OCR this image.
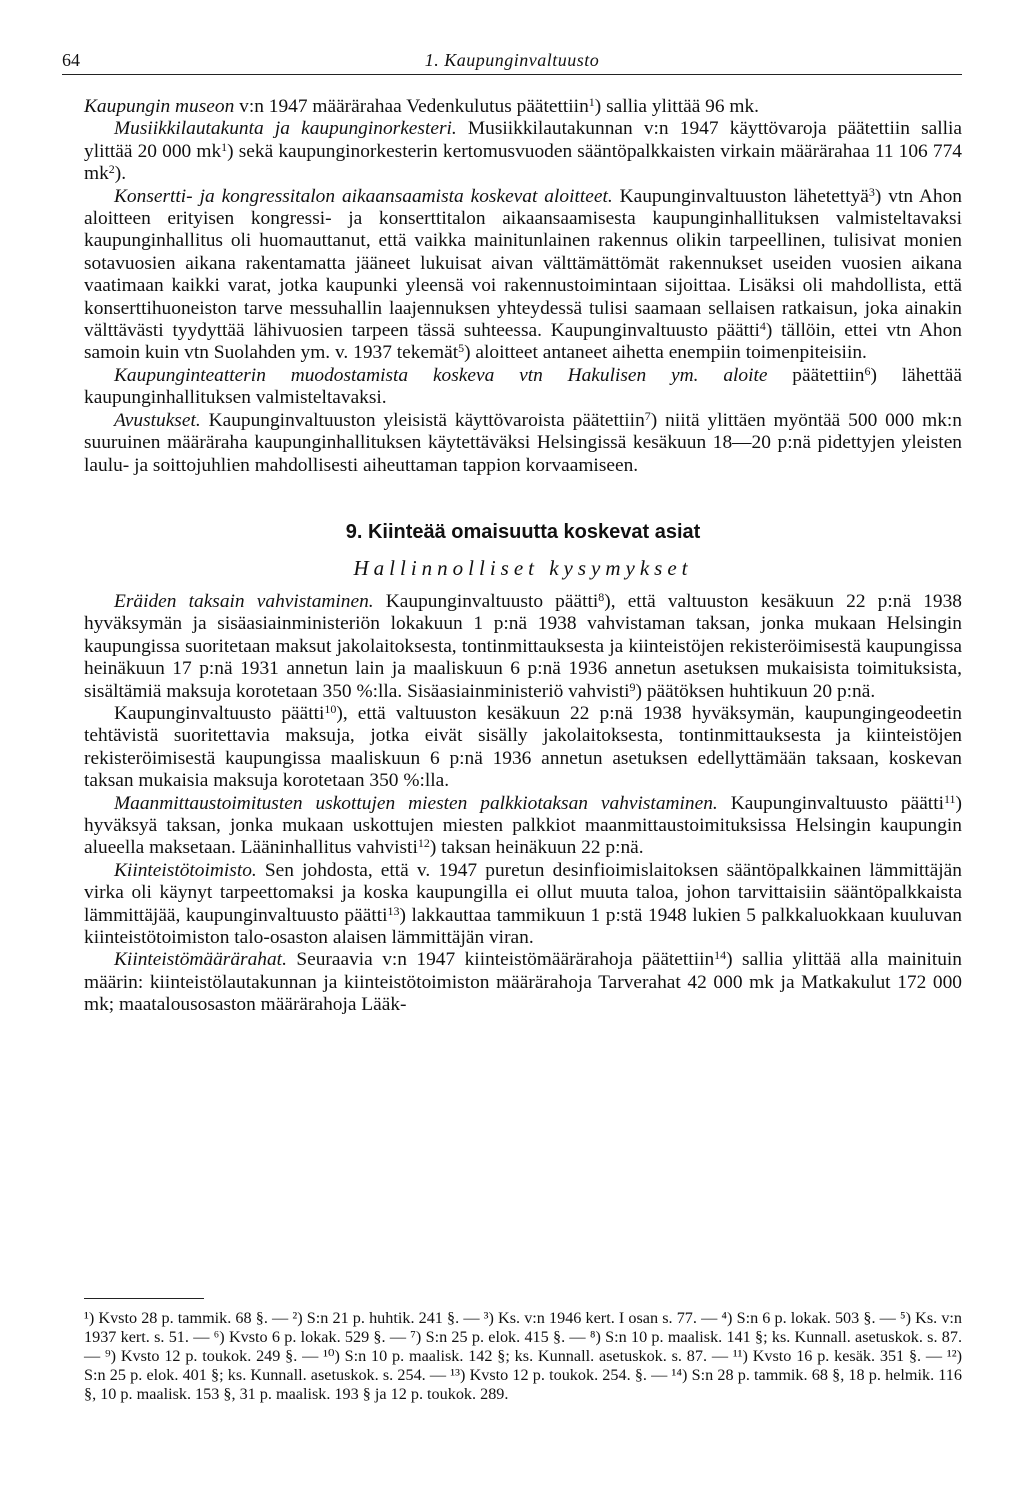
64	1. Kaupunginvaltuusto

Kaupungin museon v:n 1947 määrärahaa Vedenkulutus päätettiin$^1$) sallia ylittää 96 mk.

Musiikkilautakunta ja kaupunginorkesteri. Musiikkilautakunnan v:n 1947 käyttövaroja päätettiin sallia ylittää 20 000 $mk^1$) sekä kaupunginorkesterin kertomusvuoden sääntöpalkkaisten virkain määrärahaa 11 106 774 $mk^2$).

Konsertti- ja kongressitalon aikaansaamista koskevat aloitteet. Kaupunginvaltuuston lähetettyä$^3$) vtn Ahon aloitteen erityisen kongressi- ja konserttitalon aikaansaamisesta kaupunginhallituksen valmisteltavaksi kaupunginhallitus oli huomauttanut, että vaikka mainitunlainen rakennus olikin tarpeellinen, tulisivat monien sotavuosien aikana rakentamatta jääneet lukuisat aivan välttämättömät rakennukset useiden vuosien aikana vaatimaan kaikki varat, jotka kaupunki yleensä voi rakennustoimintaan sijoittaa. Lisäksi oli mahdollista, että konserttihuoneiston tarve messuhallin laajennuksen yhteydessä tulisi saamaan sellaisen ratkaisun, joka ainakin välttävästi tyydyttää lähivuosien tarpeen tässä suhteessa. Kaupunginvaltuusto päätti$^4$) tällöin, ettei vtn Ahon samoin kuin vtn Suolahden ym. v. 1937 tekemät$^5$) aloitteet antaneet aihetta enempiin toimenpiteisiin.

Kaupunginteatterin muodostamista koskeva vtn Hakulisen ym. aloite päätettiin$^6$) lähettää kaupunginhallituksen valmisteltavaksi.

Avustukset. Kaupunginvaltuuston yleisistä käyttövaroista päätettiin$^7$) niitä ylittäen myöntää 500 000 mk:n suuruinen määräraha kaupunginhallituksen käytettäväksi Helsingissä kesäkuun 18—20 p:nä pidettyjen yleisten laulu- ja soittojuhlien mahdollisesti aiheuttaman tappion korvaamiseen.

9. Kiinteää omaisuutta koskevat asiat
Hallinnolliset kysymykset

Eräiden taksain vahvistaminen. Kaupunginvaltuusto päätti$^8$), että valtuuston kesäkuun 22 p:nä 1938 hyväksymän ja sisäasiainministeriön lokakuun 1 p:nä 1938 vahvistaman taksan, jonka mukaan Helsingin kaupungissa suoritetaan maksut jakolaitoksesta, tontinmittauksesta ja kiinteistöjen rekisteröimisestä kaupungissa heinäkuun 17 p:nä 1931 annetun lain ja maaliskuun 6 p:nä 1936 annetun asetuksen mukaisista toimituksista, sisältämiä maksuja korotetaan 350 %:lla. Sisäasiainministeriö vahvisti$^9$) päätöksen huhtikuun 20 p:nä.

Kaupunginvaltuusto päätti$^{10}$), että valtuuston kesäkuun 22 p:nä 1938 hyväksymän, kaupungingeodeetin tehtävistä suoritettavia maksuja, jotka eivät sisälly jakolaitoksesta, tontinmittauksesta ja kiinteistöjen rekisteröimisestä kaupungissa maaliskuun 6 p:nä 1936 annetun asetuksen edellyttämään taksaan, koskevan taksan mukaisia maksuja korotetaan 350 %:lla.

Maanmittaustoimitusten uskottujen miesten palkkiotaksan vahvistaminen. Kaupunginvaltuusto päätti$^{11}$) hyväksyä taksan, jonka mukaan uskottujen miesten palkkiot maanmittaustoimituksissa Helsingin kaupungin alueella maksetaan. Lääninhallitus vahvisti$^{12}$) taksan heinäkuun 22 p:nä.

Kiinteistötoimisto. Sen johdosta, että v. 1947 puretun desinfioimislaitoksen sääntöpalkkainen lämmittäjän virka oli käynyt tarpeettomaksi ja koska kaupungilla ei ollut muuta taloa, johon tarvittaisiin sääntöpalkkaista lämmittäjää, kaupunginvaltuusto päätti$^{13}$) lakkauttaa tammikuun 1 p:stä 1948 lukien 5 palkkaluokkaan kuuluvan kiinteistötoimiston talo-osaston alaisen lämmittäjän viran.

Kiinteistömäärärahat. Seuraavia v:n 1947 kiinteistömäärärahoja päätettiin$^{14}$) sallia ylittää alla mainituin määrin: kiinteistölautakunnan ja kiinteistötoimiston määrärahoja Tarverahat 42 000 mk ja Matkakulut 172 000 mk; maatalousosaston määrärahoja Lääk-

¹) Kvsto 28 p. tammik. 68 §. — ²) S:n 21 p. huhtik. 241 §. — ³) Ks. v:n 1946 kert. I osan s. 77. — ⁴) S:n 6 p. lokak. 503 §. — ⁵) Ks. v:n 1937 kert. s. 51. — ⁶) Kvsto 6 p. lokak. 529 §. — ⁷) S:n 25 p. elok. 415 §. — ⁸) S:n 10 p. maalisk. 141 §; ks. Kunnall. asetuskok. s. 87. — ⁹) Kvsto 12 p. toukok. 249 §. — ¹⁰) S:n 10 p. maalisk. 142 §; ks. Kunnall. asetuskok. s. 87. — ¹¹) Kvsto 16 p. kesäk. 351 §. — ¹²) S:n 25 p. elok. 401 §; ks. Kunnall. asetuskok. s. 254. — ¹³) Kvsto 12 p. toukok. 254. §. — ¹⁴) S:n 28 p. tammik. 68 §, 18 p. helmik. 116 §, 10 p. maalisk. 153 §, 31 p. maalisk. 193 § ja 12 p. toukok. 289.
